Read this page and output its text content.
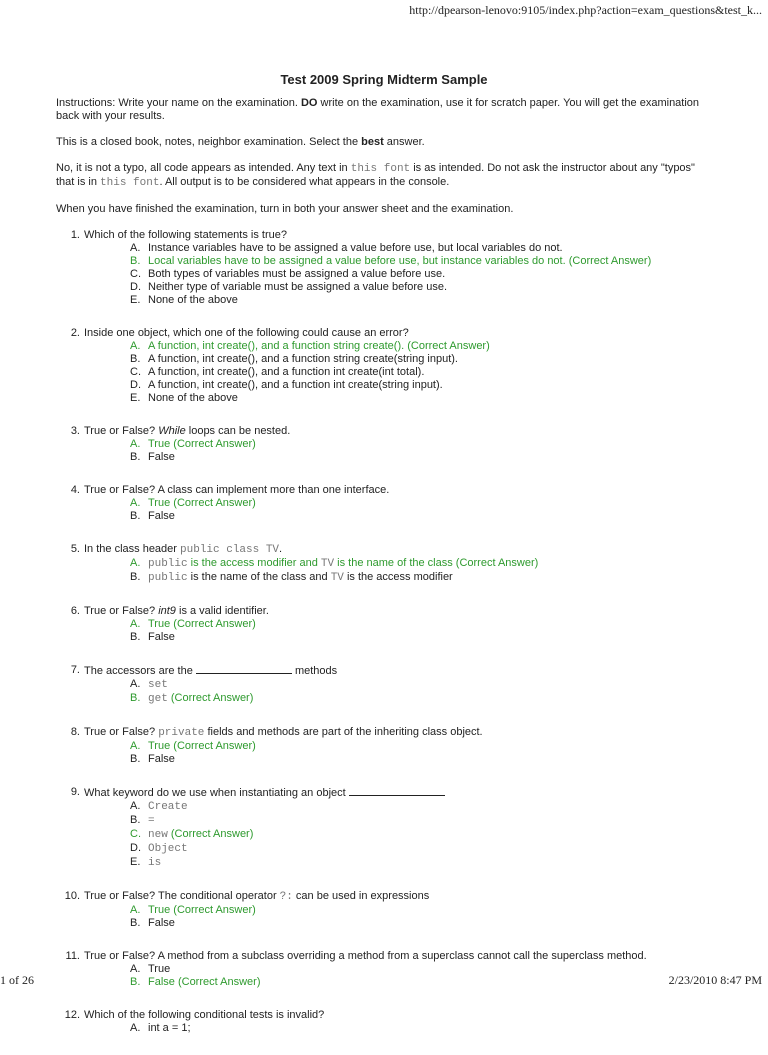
http://dpearson-lenovo:9105/index.php?action=exam_questions&test_k...
Test 2009 Spring Midterm Sample

Instructions: Write your name on the examination. DO write on the examination, use it for scratch paper. You will get the examination back with your results.

This is a closed book, notes, neighbor examination. Select the best answer.

No, it is not a typo, all code appears as intended. Any text in this font is as intended. Do not ask the instructor about any "typos" that is in this font. All output is to be considered what appears in the console.

When you have finished the examination, turn in both your answer sheet and the examination.

1. Which of the following statements is true?
A. Instance variables have to be assigned a value before use, but local variables do not.
B. Local variables have to be assigned a value before use, but instance variables do not. (Correct Answer)
C. Both types of variables must be assigned a value before use.
D. Neither type of variable must be assigned a value before use.
E. None of the above
2. Inside one object, which one of the following could cause an error?
A. A function, int create(), and a function string create(). (Correct Answer)
B. A function, int create(), and a function string create(string input).
C. A function, int create(), and a function int create(int total).
D. A function, int create(), and a function int create(string input).
E. None of the above
3. True or False? While loops can be nested.
A. True (Correct Answer)
B. False
4. True or False? A class can implement more than one interface.
A. True (Correct Answer)
B. False
5. In the class header public class TV.
A. public is the access modifier and TV is the name of the class (Correct Answer)
B. public is the name of the class and TV is the access modifier
6. True or False? int9 is a valid identifier.
A. True (Correct Answer)
B. False
7. The accessors are the	methods
A. set
B. get (Correct Answer)
8. True or False? private fields and methods are part of the inheriting class object.
A. True (Correct Answer)
B. False
9. What keyword do we use when instantiating an object
A. Create
B. =
C. new (Correct Answer)
D. Object
E. is
10. True or False? The conditional operator ?: can be used in expressions
A. True (Correct Answer)
B. False
11. True or False? A method from a subclass overriding a method from a superclass cannot call the superclass method.
A. True
B. False (Correct Answer)
12. Which of the following conditional tests is invalid?
A. int a = 1;
1 of 26	2/23/2010 8:47 PM
